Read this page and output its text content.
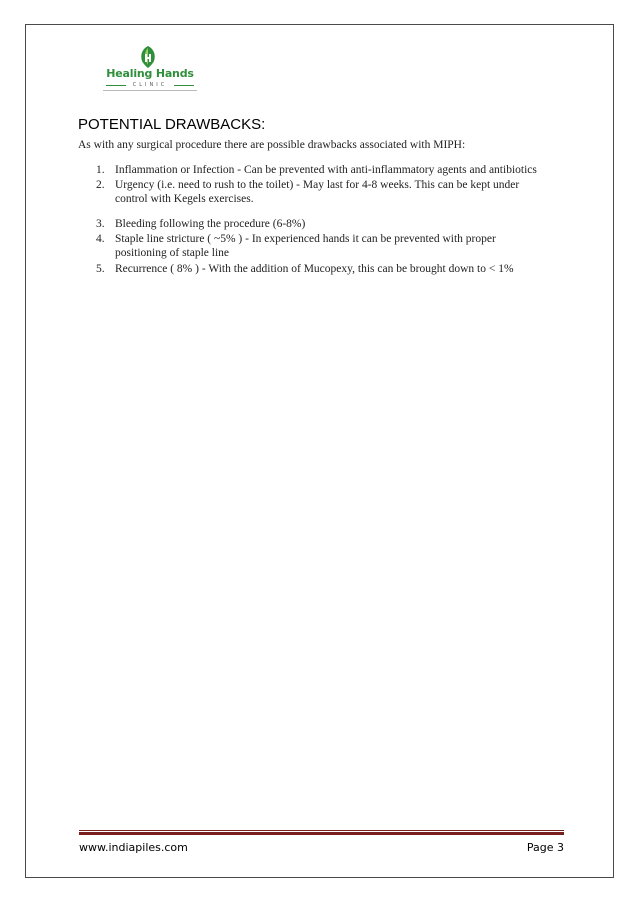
Healing Hands
CLINIC
POTENTIAL DRAWBACKS:
As with any surgical procedure there are possible drawbacks associated with MIPH:
1. Inflammation or Infection - Can be prevented with anti-inflammatory agents and antibiotics
2. Urgency (i.e. need to rush to the toilet) - May last for 4-8 weeks. This can be kept under
control with Kegels exercises.
3. Bleeding following the procedure (6-8%)
4. Staple line stricture ( ~5% ) - In experienced hands it can be prevented with proper
positioning of staple line
5. Recurrence ( 8% ) - With the addition of Mucopexy, this can be brought down to < 1%
www.indiapiles.com	Page 3
